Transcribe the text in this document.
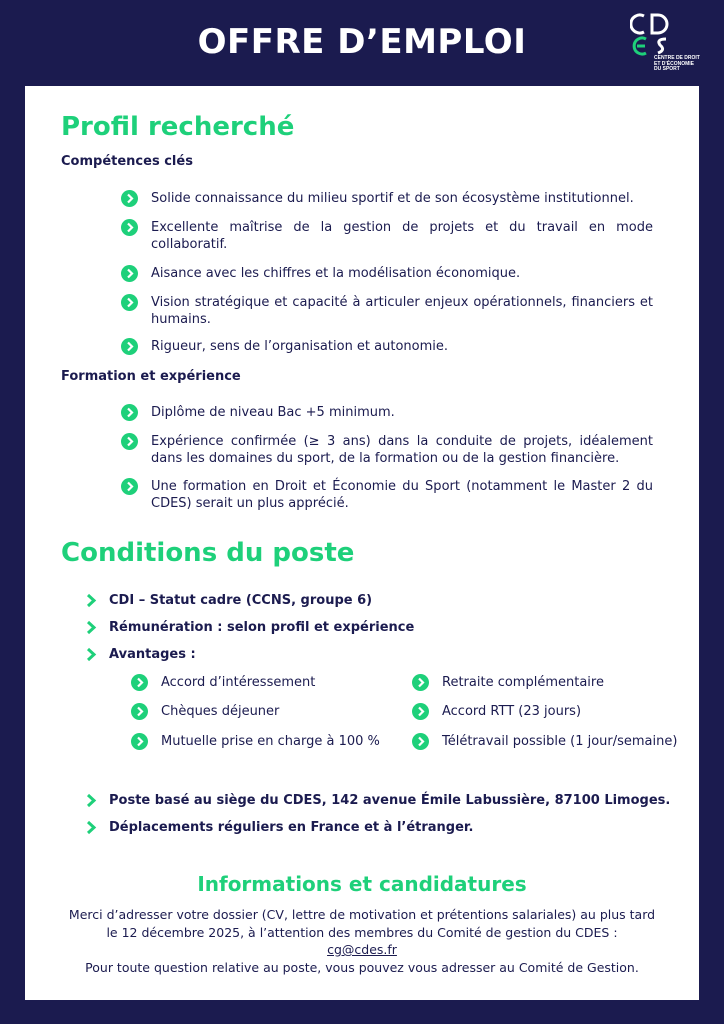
OFFRE D’EMPLOI	CENTRE DE DROIT
ET D’ÉCONOMIE
DU SPORT
Profil recherché
Compétences clés
Solide connaissance du milieu sportif et de son écosystème institutionnel.
Excellente maîtrise de la gestion de projets et du travail en mode collaboratif.
Aisance avec les chiffres et la modélisation économique.
Vision stratégique et capacité à articuler enjeux opérationnels, financiers et humains.
Rigueur, sens de l’organisation et autonomie.
Formation et expérience
Diplôme de niveau Bac +5 minimum.
Expérience confirmée (≥ 3 ans) dans la conduite de projets, idéalement dans les domaines du sport, de la formation ou de la gestion financière.
Une formation en Droit et Économie du Sport (notamment le Master 2 du CDES) serait un plus apprécié.
Conditions du poste
CDI – Statut cadre (CCNS, groupe 6)
Rémunération : selon profil et expérience
Avantages :
Accord d’intéressement
Chèques déjeuner
Mutuelle prise en charge à 100 %
Retraite complémentaire
Accord RTT (23 jours)
Télétravail possible (1 jour/semaine)
Poste basé au siège du CDES, 142 avenue Émile Labussière, 87100 Limoges.
Déplacements réguliers en France et à l’étranger.
Informations et candidatures
Merci d’adresser votre dossier (CV, lettre de motivation et prétentions salariales) au plus tard le 12 décembre 2025, à l’attention des membres du Comité de gestion du CDES :
cg@cdes.fr
Pour toute question relative au poste, vous pouvez vous adresser au Comité de Gestion.
